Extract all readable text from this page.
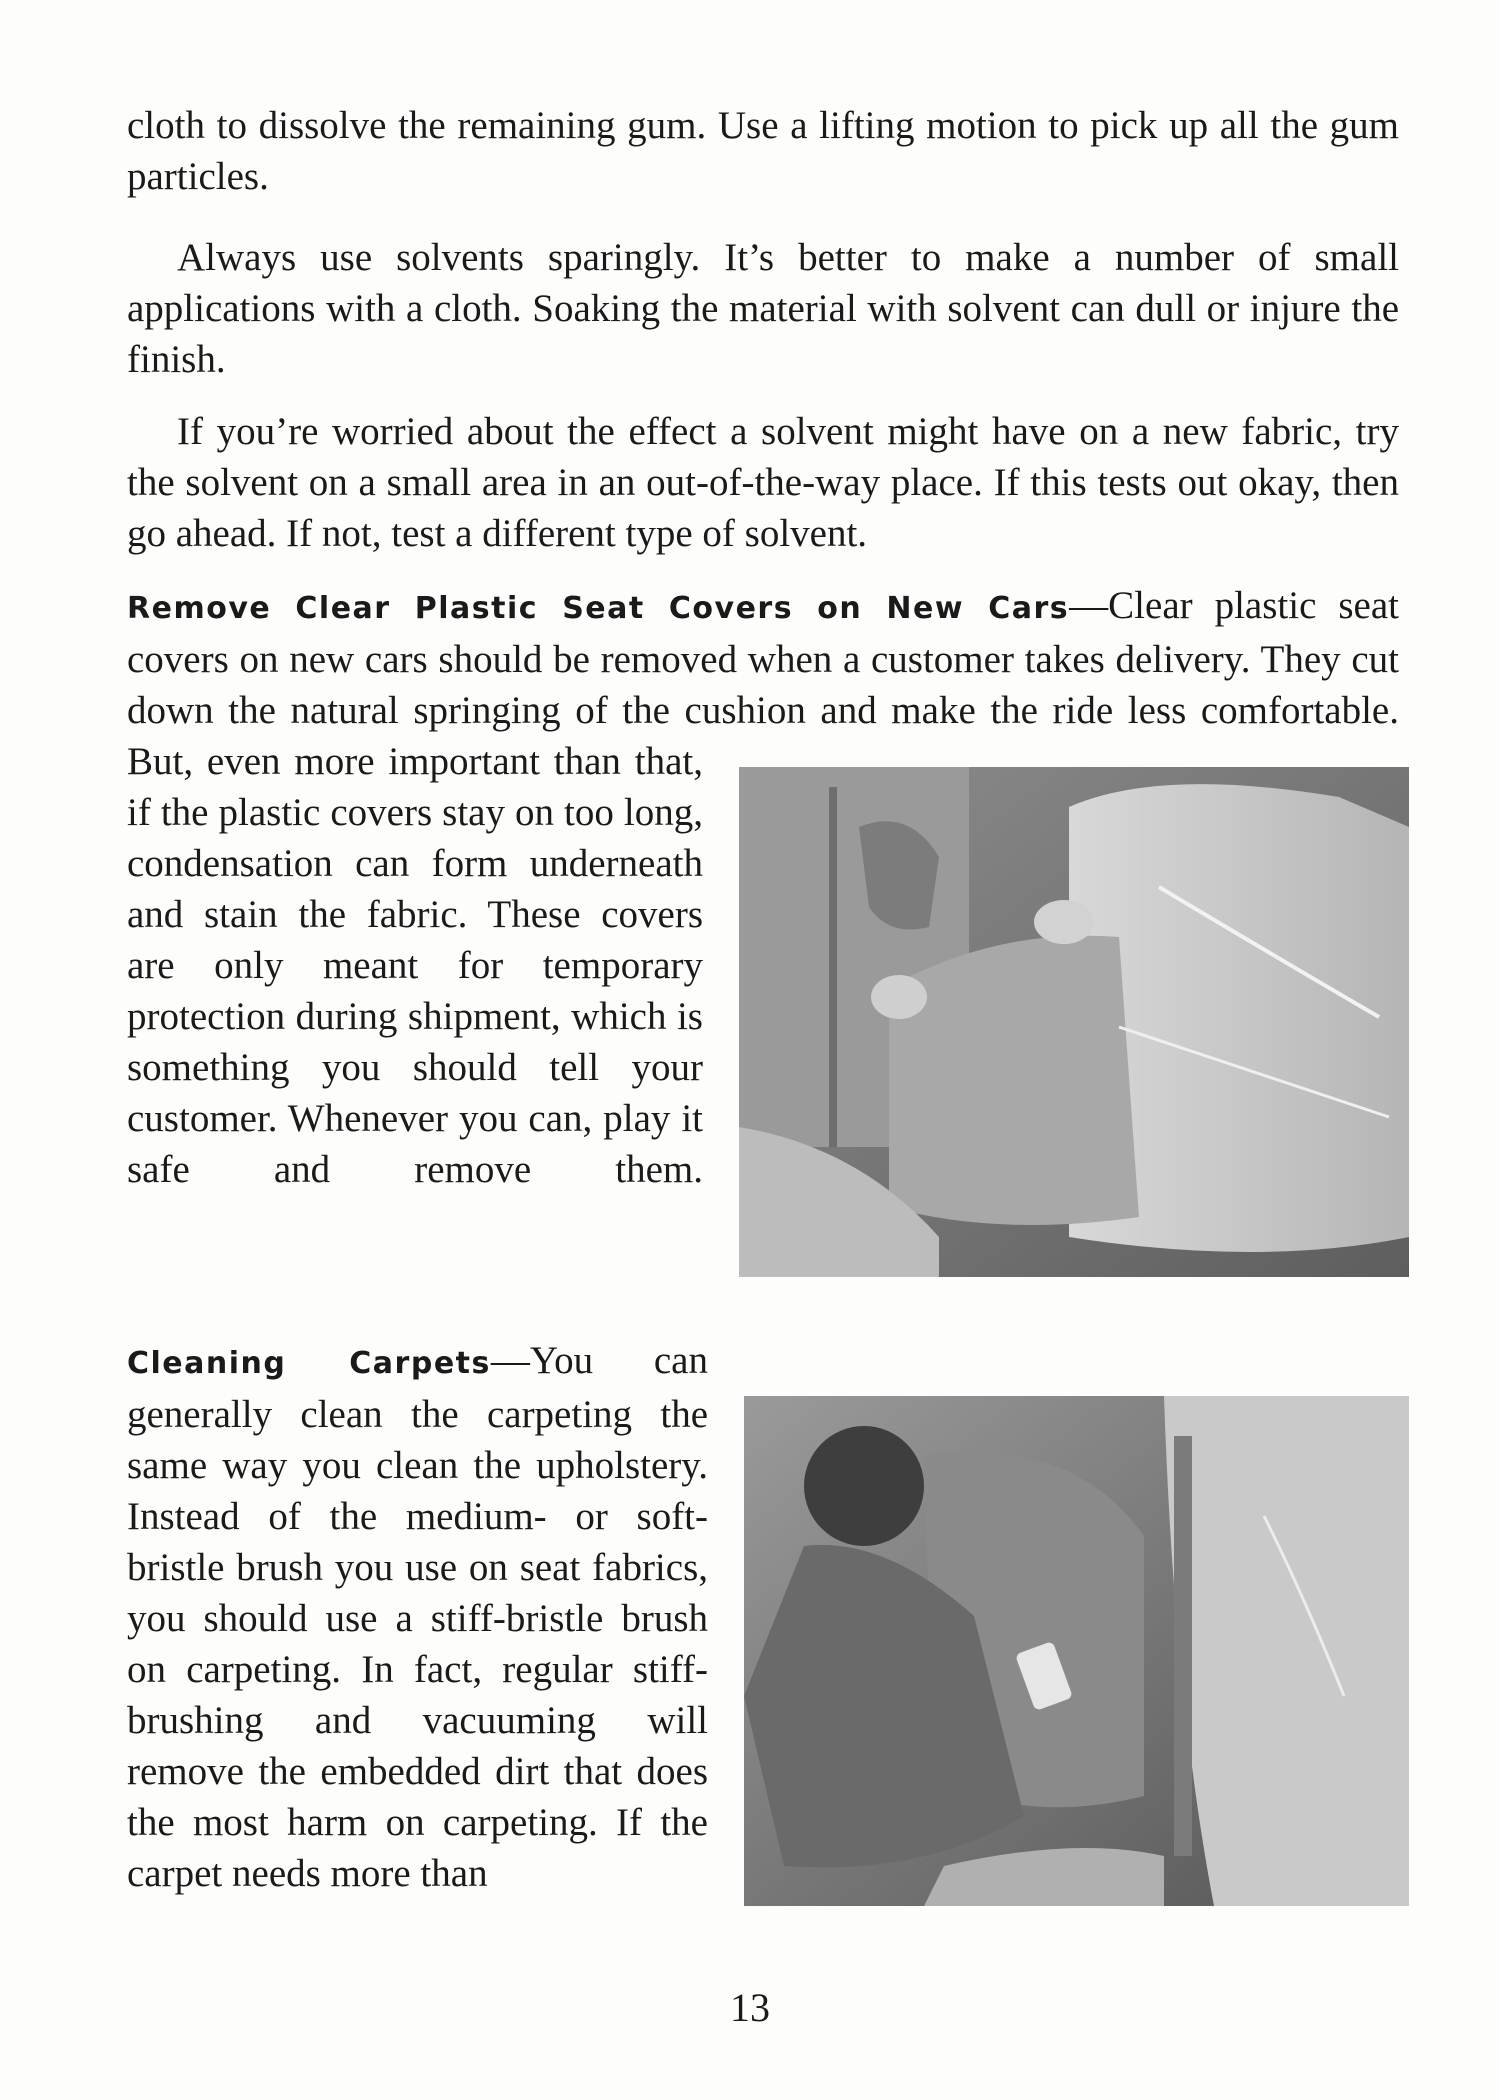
cloth to dissolve the remaining gum. Use a lifting motion to pick up all the gum particles.

Always use solvents sparingly. It’s better to make a number of small applications with a cloth. Soaking the material with solvent can dull or injure the finish.

If you’re worried about the effect a solvent might have on a new fabric, try the solvent on a small area in an out-of-the-way place. If this tests out okay, then go ahead. If not, test a different type of solvent.

Remove Clear Plastic Seat Covers on New Cars—Clear plastic seat covers on new cars should be removed when a customer takes delivery. They cut down the natural springing of the cushion and make the ride less comfortable. But, even more important than that, if the plastic covers stay on too long, condensation can form underneath and stain the fabric. These covers are only meant for temporary protection during shipment, which is something you should tell your customer. Whenever you can, play it safe and remove them.

Cleaning Carpets—You can generally clean the carpeting the same way you clean the upholstery. Instead of the medium- or soft-bristle brush you use on seat fabrics, you should use a stiff-bristle brush on carpeting. In fact, regular stiff-brushing and vacuuming will remove the embedded dirt that does the most harm on carpeting. If the carpet needs more than

13
